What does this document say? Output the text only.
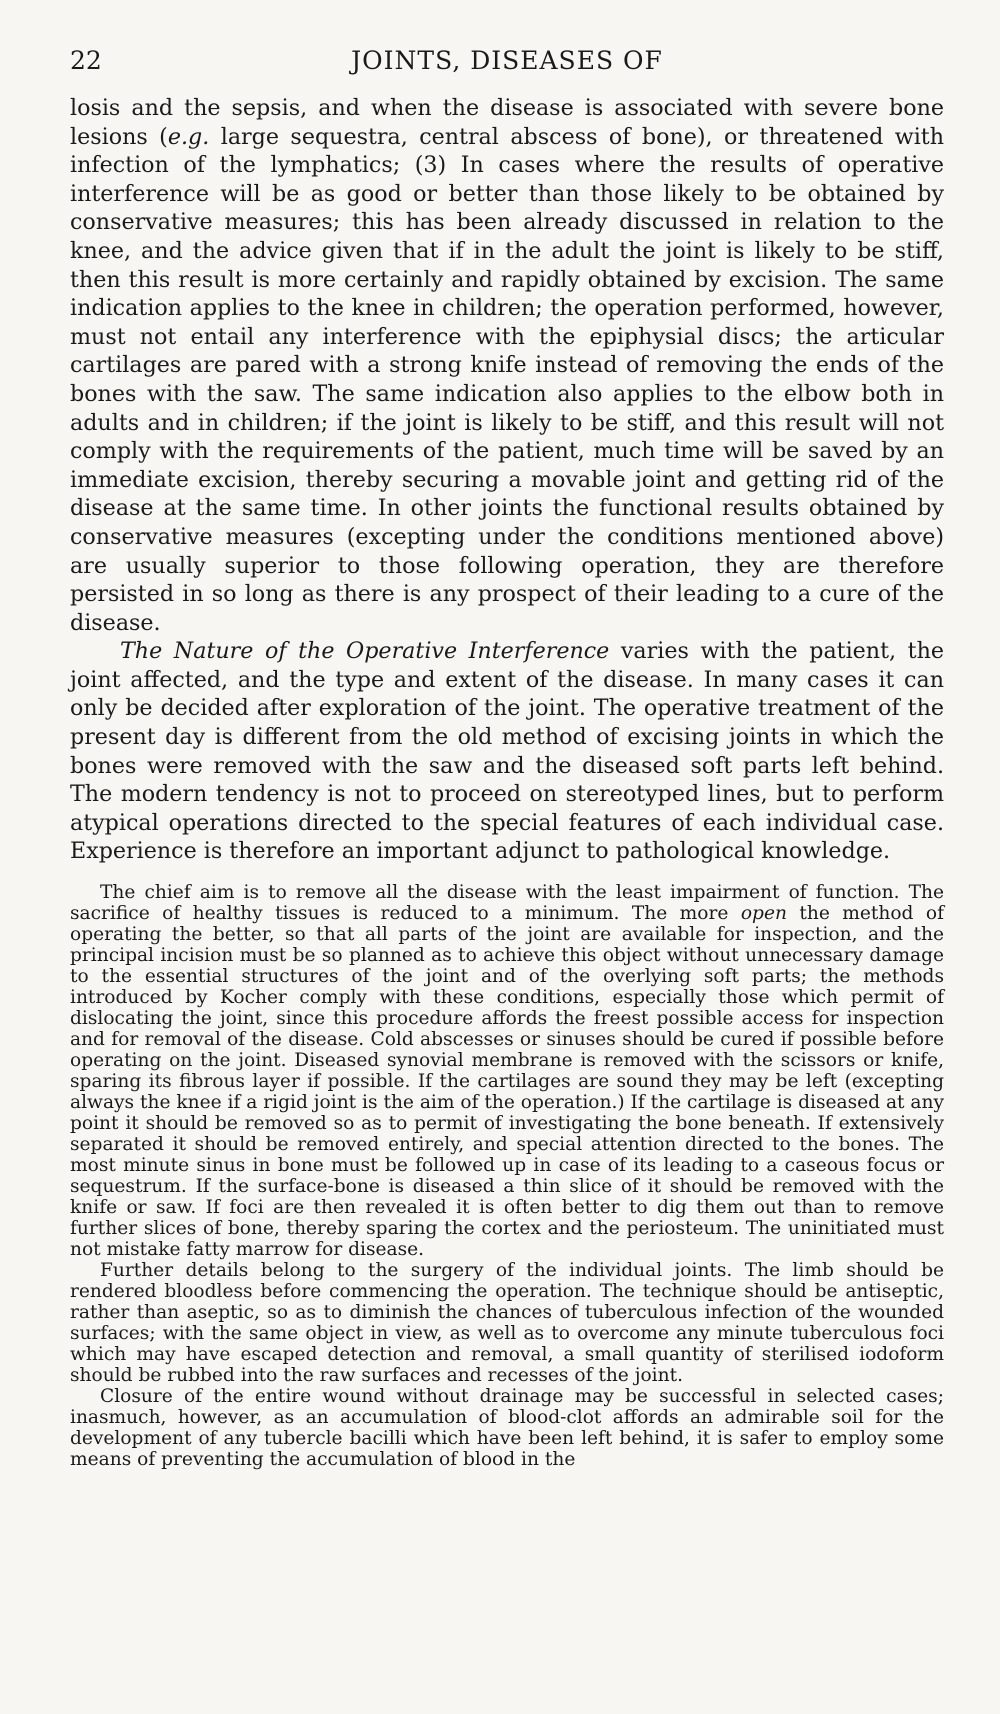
22	JOINTS, DISEASES OF

losis and the sepsis, and when the disease is associated with severe bone lesions (e.g. large sequestra, central abscess of bone), or threatened with infection of the lymphatics; (3) In cases where the results of operative interference will be as good or better than those likely to be obtained by conservative measures; this has been already discussed in relation to the knee, and the advice given that if in the adult the joint is likely to be stiff, then this result is more certainly and rapidly obtained by excision. The same indication applies to the knee in children; the operation performed, however, must not entail any interference with the epiphysial discs; the articular cartilages are pared with a strong knife instead of removing the ends of the bones with the saw. The same indication also applies to the elbow both in adults and in children; if the joint is likely to be stiff, and this result will not comply with the requirements of the patient, much time will be saved by an immediate excision, thereby securing a movable joint and getting rid of the disease at the same time. In other joints the functional results obtained by conservative measures (excepting under the conditions mentioned above) are usually superior to those following operation, they are therefore persisted in so long as there is any prospect of their leading to a cure of the disease.

The Nature of the Operative Interference varies with the patient, the joint affected, and the type and extent of the disease. In many cases it can only be decided after exploration of the joint. The operative treatment of the present day is different from the old method of excising joints in which the bones were removed with the saw and the diseased soft parts left behind. The modern tendency is not to proceed on stereotyped lines, but to perform atypical operations directed to the special features of each individual case. Experience is therefore an important adjunct to pathological knowledge.

The chief aim is to remove all the disease with the least impairment of function. The sacrifice of healthy tissues is reduced to a minimum. The more open the method of operating the better, so that all parts of the joint are available for inspection, and the principal incision must be so planned as to achieve this object without unnecessary damage to the essential structures of the joint and of the overlying soft parts; the methods introduced by Kocher comply with these conditions, especially those which permit of dislocating the joint, since this procedure affords the freest possible access for inspection and for removal of the disease. Cold abscesses or sinuses should be cured if possible before operating on the joint. Diseased synovial membrane is removed with the scissors or knife, sparing its fibrous layer if possible. If the cartilages are sound they may be left (excepting always the knee if a rigid joint is the aim of the operation.) If the cartilage is diseased at any point it should be removed so as to permit of investigating the bone beneath. If extensively separated it should be removed entirely, and special attention directed to the bones. The most minute sinus in bone must be followed up in case of its leading to a caseous focus or sequestrum. If the surface-bone is diseased a thin slice of it should be removed with the knife or saw. If foci are then revealed it is often better to dig them out than to remove further slices of bone, thereby sparing the cortex and the periosteum. The uninitiated must not mistake fatty marrow for disease.

Further details belong to the surgery of the individual joints. The limb should be rendered bloodless before commencing the operation. The technique should be antiseptic, rather than aseptic, so as to diminish the chances of tuberculous infection of the wounded surfaces; with the same object in view, as well as to overcome any minute tuberculous foci which may have escaped detection and removal, a small quantity of sterilised iodoform should be rubbed into the raw surfaces and recesses of the joint.

Closure of the entire wound without drainage may be successful in selected cases; inasmuch, however, as an accumulation of blood-clot affords an admirable soil for the development of any tubercle bacilli which have been left behind, it is safer to employ some means of preventing the accumulation of blood in the
